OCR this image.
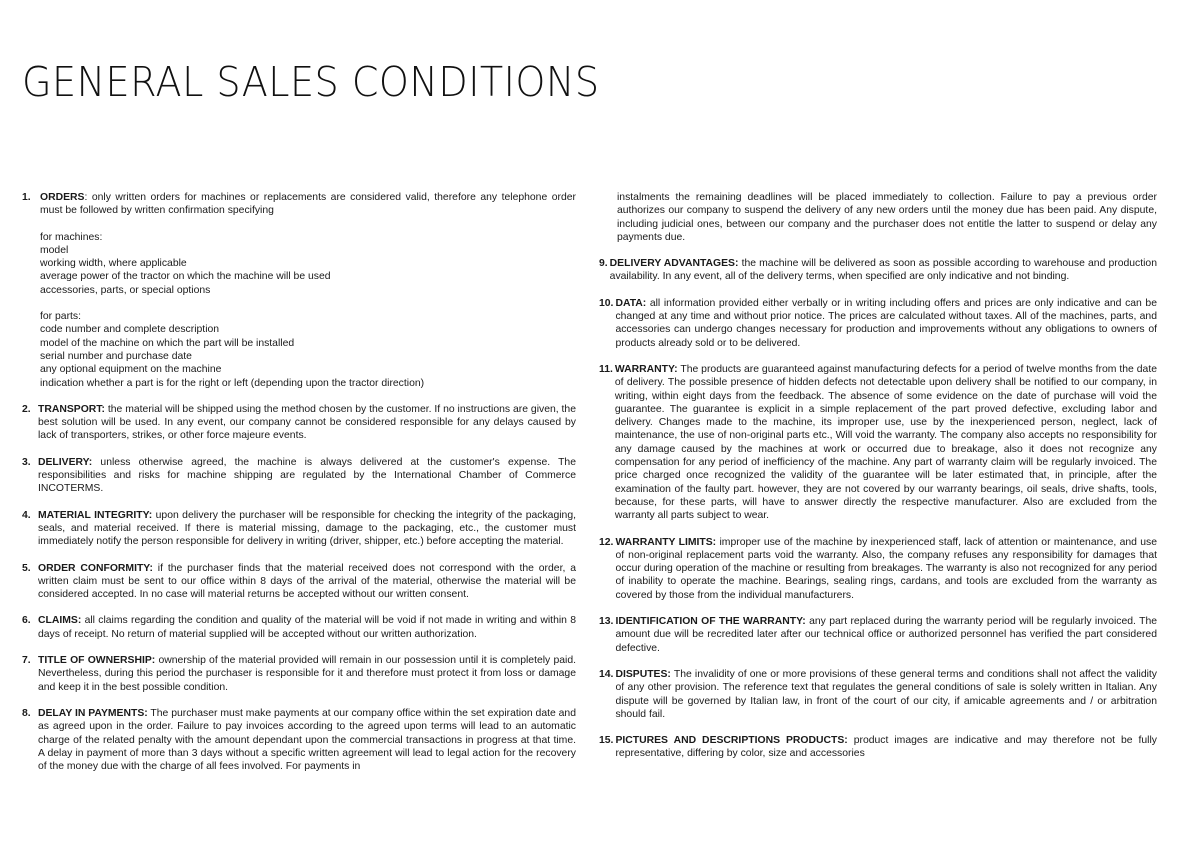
GENERAL SALES CONDITIONS
1. ORDERS: only written orders for machines or replacements are considered valid, therefore any telephone order must be followed by written confirmation specifying
for machines:
model
working width, where applicable
average power of the tractor on which the machine will be used
accessories, parts, or special options
for parts:
code number and complete description
model of the machine on which the part will be installed
serial number and purchase date
any optional equipment on the machine
indication whether a part is for the right or left (depending upon the tractor direction)
2. TRANSPORT: the material will be shipped using the method chosen by the customer. If no instructions are given, the best solution will be used. In any event, our company cannot be considered responsible for any delays caused by lack of transporters, strikes, or other force majeure events.
3. DELIVERY: unless otherwise agreed, the machine is always delivered at the customer's expense. The responsibilities and risks for machine shipping are regulated by the International Chamber of Commerce INCOTERMS.
4. MATERIAL INTEGRITY: upon delivery the purchaser will be responsible for checking the integrity of the packaging, seals, and material received. If there is material missing, damage to the packaging, etc., the customer must immediately notify the person responsible for delivery in writing (driver, shipper, etc.) before accepting the material.
5. ORDER CONFORMITY: if the purchaser finds that the material received does not correspond with the order, a written claim must be sent to our office within 8 days of the arrival of the material, otherwise the material will be considered accepted. In no case will material returns be accepted without our written consent.
6. CLAIMS: all claims regarding the condition and quality of the material will be void if not made in writing and within 8 days of receipt. No return of material supplied will be accepted without our written authorization.
7. TITLE OF OWNERSHIP: ownership of the material provided will remain in our possession until it is completely paid. Nevertheless, during this period the purchaser is responsible for it and therefore must protect it from loss or damage and keep it in the best possible condition.
8. DELAY IN PAYMENTS: The purchaser must make payments at our company office within the set expiration date and as agreed upon in the order. Failure to pay invoices according to the agreed upon terms will lead to an automatic charge of the related penalty with the amount dependant upon the commercial transactions in progress at that time. A delay in payment of more than 3 days without a specific written agreement will lead to legal action for the recovery of the money due with the charge of all fees involved. For payments in
instalments the remaining deadlines will be placed immediately to collection. Failure to pay a previous order authorizes our company to suspend the delivery of any new orders until the money due has been paid. Any dispute, including judicial ones, between our company and the purchaser does not entitle the latter to suspend or delay any payments due.
9. DELIVERY ADVANTAGES: the machine will be delivered as soon as possible according to warehouse and production availability. In any event, all of the delivery terms, when specified are only indicative and not binding.
10. DATA: all information provided either verbally or in writing including offers and prices are only indicative and can be changed at any time and without prior notice. The prices are calculated without taxes. All of the machines, parts, and accessories can undergo changes necessary for production and improvements without any obligations to owners of products already sold or to be delivered.
11. WARRANTY: The products are guaranteed against manufacturing defects for a period of twelve months from the date of delivery. The possible presence of hidden defects not detectable upon delivery shall be notified to our company, in writing, within eight days from the feedback. The absence of some evidence on the date of purchase will void the guarantee. The guarantee is explicit in a simple replacement of the part proved defective, excluding labor and delivery. Changes made to the machine, its improper use, use by the inexperienced person, neglect, lack of maintenance, the use of non-original parts etc., Will void the warranty. The company also accepts no responsibility for any damage caused by the machines at work or occurred due to breakage, also it does not recognize any compensation for any period of inefficiency of the machine. Any part of warranty claim will be regularly invoiced. The price charged once recognized the validity of the guarantee will be later estimated that, in principle, after the examination of the faulty part. however, they are not covered by our warranty bearings, oil seals, drive shafts, tools, because, for these parts, will have to answer directly the respective manufacturer. Also are excluded from the warranty all parts subject to wear.
12. WARRANTY LIMITS: improper use of the machine by inexperienced staff, lack of attention or maintenance, and use of non-original replacement parts void the warranty. Also, the company refuses any responsibility for damages that occur during operation of the machine or resulting from breakages. The warranty is also not recognized for any period of inability to operate the machine. Bearings, sealing rings, cardans, and tools are excluded from the warranty as covered by those from the individual manufacturers.
13. IDENTIFICATION OF THE WARRANTY: any part replaced during the warranty period will be regularly invoiced. The amount due will be recredited later after our technical office or authorized personnel has verified the part considered defective.
14. DISPUTES: The invalidity of one or more provisions of these general terms and conditions shall not affect the validity of any other provision. The reference text that regulates the general conditions of sale is solely written in Italian. Any dispute will be governed by Italian law, in front of the court of our city, if amicable agreements and / or arbitration should fail.
15. PICTURES AND DESCRIPTIONS PRODUCTS: product images are indicative and may therefore not be fully representative, differing by color, size and accessories
